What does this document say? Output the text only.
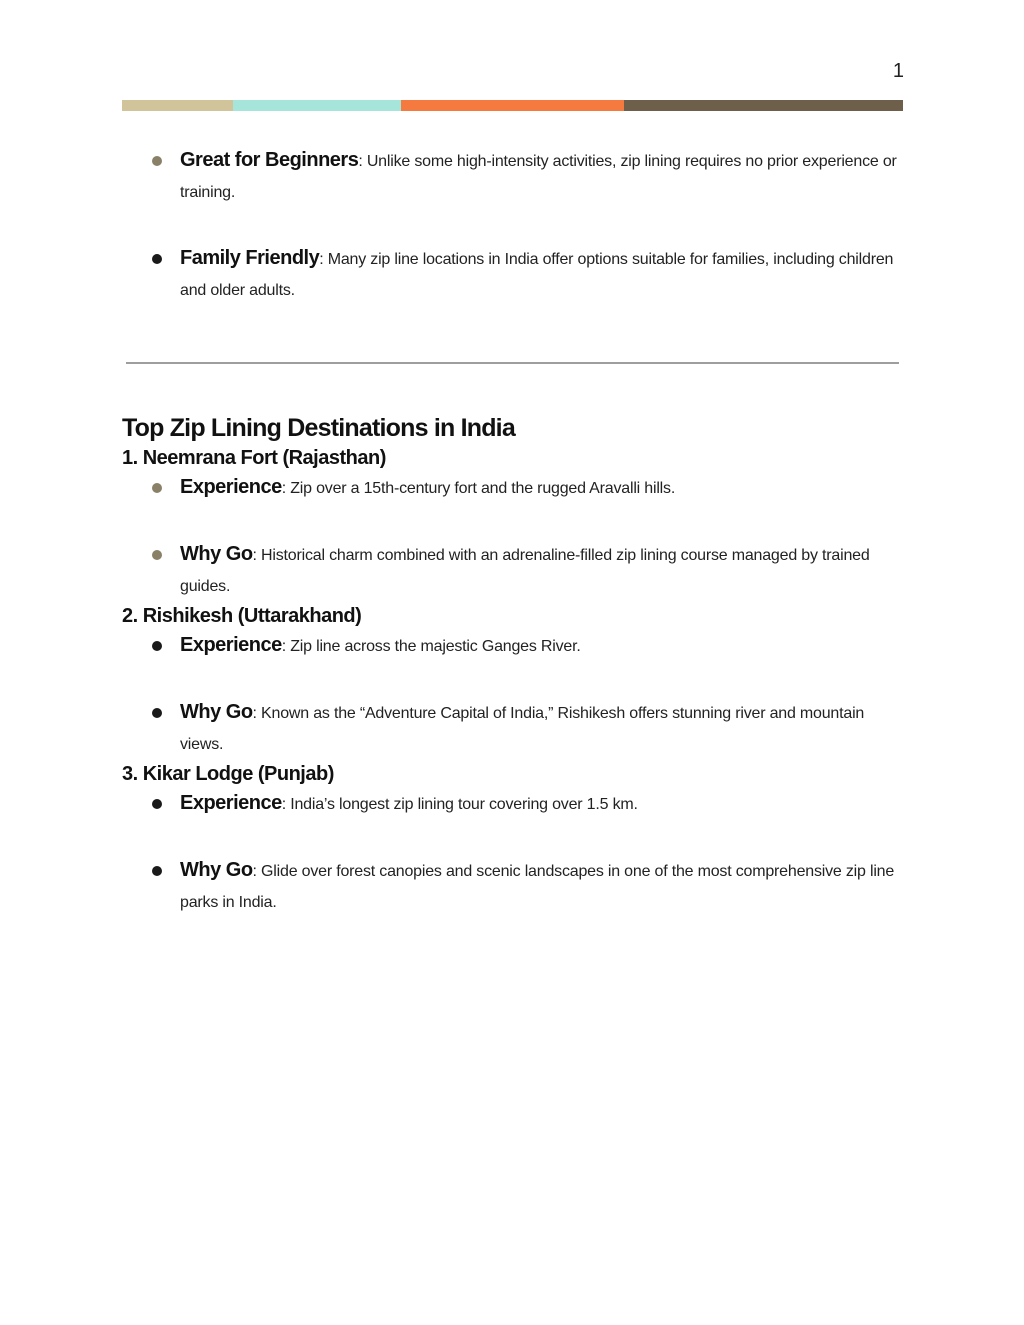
1
Great for Beginners: Unlike some high-intensity activities, zip lining requires no prior experience or training.
Family Friendly: Many zip line locations in India offer options suitable for families, including children and older adults.
Top Zip Lining Destinations in India
1. Neemrana Fort (Rajasthan)
Experience: Zip over a 15th-century fort and the rugged Aravalli hills.
Why Go: Historical charm combined with an adrenaline-filled zip lining course managed by trained guides.
2. Rishikesh (Uttarakhand)
Experience: Zip line across the majestic Ganges River.
Why Go: Known as the “Adventure Capital of India,” Rishikesh offers stunning river and mountain views.
3. Kikar Lodge (Punjab)
Experience: India’s longest zip lining tour covering over 1.5 km.
Why Go: Glide over forest canopies and scenic landscapes in one of the most comprehensive zip line parks in India.
